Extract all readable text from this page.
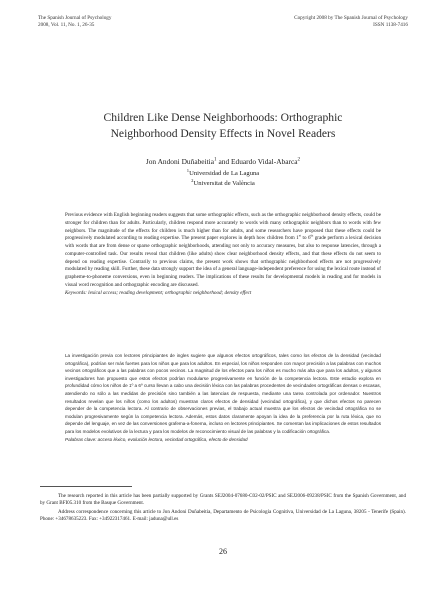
The Spanish Journal of Psychology
2008, Vol. 11, No. 1, 26-35
Copyright 2008 by The Spanish Journal of Psychology
ISSN 1138-7416
Children Like Dense Neighborhoods: Orthographic
Neighborhood Density Effects in Novel Readers
Jon Andoni Duñabeitia$^1$ and Eduardo Vidal-Abarca$^2$
$^1$Universidad de La Laguna
$^2$Universitat de València
Previous evidence with English beginning readers suggests that some orthographic effects, such as the orthographic neighborhood density effects, could be stronger for children than for adults. Particularly, children respond more accurately to words with many orthographic neighbors than to words with few neighbors. The magnitude of the effects for children is much higher than for adults, and some researchers have proposed that these effects could be progressively modulated according to reading expertise. The present paper explores in depth how children from 1st to 6th grade perform a lexical decision with words that are from dense or sparse orthographic neighborhoods, attending not only to accuracy measures, but also to response latencies, through a computer-controlled task. Our results reveal that children (like adults) show clear neighborhood density effects, and that these effects do not seem to depend on reading expertise. Contrarily to previous claims, the present work shows that orthographic neighborhood effects are not progressively modulated by reading skill. Further, these data strongly support the idea of a general language-independent preference for using the lexical route instead of grapheme-to-phoneme conversions, even in beginning readers. The implications of these results for developmental models in reading and for models in visual word recognition and orthographic encoding are discussed.
Keywords: lexical access; reading development; orthographic neighborhood; density effect
La investigación previa con lectores principiantes de ingles sugiere que algunos efectos ortográficos, tales como los efectos de la densidad (vecindad ortográfica), podrían ser más fuertes para los niños que para los adultos. En especial, los niños responden con mayor precisión a las palabras con muchos vecinos ortográficos que a las palabras con pocos vecinos. La magnitud de los efectos para los niños es mucho más alta que para los adultos, y algunos investigadores han propuesto que estos efectos podrían modularse progresivamente en función de la competencia lectora. Este estudio explora en profundidad cómo los niños de 1º a 6º curso llevan a cabo una decisión léxica con las palabras procedentes de vecindades ortográficas densas o escasas, atendiendo no sólo a las medidas de precisión sino también a las latencias de respuesta, mediante una tarea controlada por ordenador. Nuestros resultados revelan que los niños (como los adultos) muestran claros efectos de densidad (vecindad ortográfica), y que dichos efectos no parecen depender de la competencia lectora. Al contrario de observaciones previas, el trabajo actual muestra que los efectos de vecindad ortográfica no se modulan progresivamente según la competencia lectora. Además, estos datos claramente apoyan la idea de la preferencia por la ruta léxica, que no depende del lenguaje, en vez de las conversiones grafema-a-fonema, incluso en lectores principiantes. Se comentan las implicaciones de estos resultados para los modelos evolutivos de la lectura y para los modelos de reconocimiento visual de las palabras y la codificación ortográfica.
Palabras clave: acceso léxico, evolución lectora, vecindad ortográfica, efecto de densidad

The research reported in this article has been partially supported by Grants SEJ2004-07680-C02-02/PSIC and SEJ2006-09238/PSIC from the Spanish Government, and by Grant BFI05.310 from the Basque Government.

Address correspondence concerning this article to Jon Andoni Duñabeitia, Departamento de Psicología Cognitiva, Universidad de La Laguna, 38205 - Tenerife (Spain). Phone: +34678635223. Fax: +34922317461. E-mail: jaduna@ull.es

26
